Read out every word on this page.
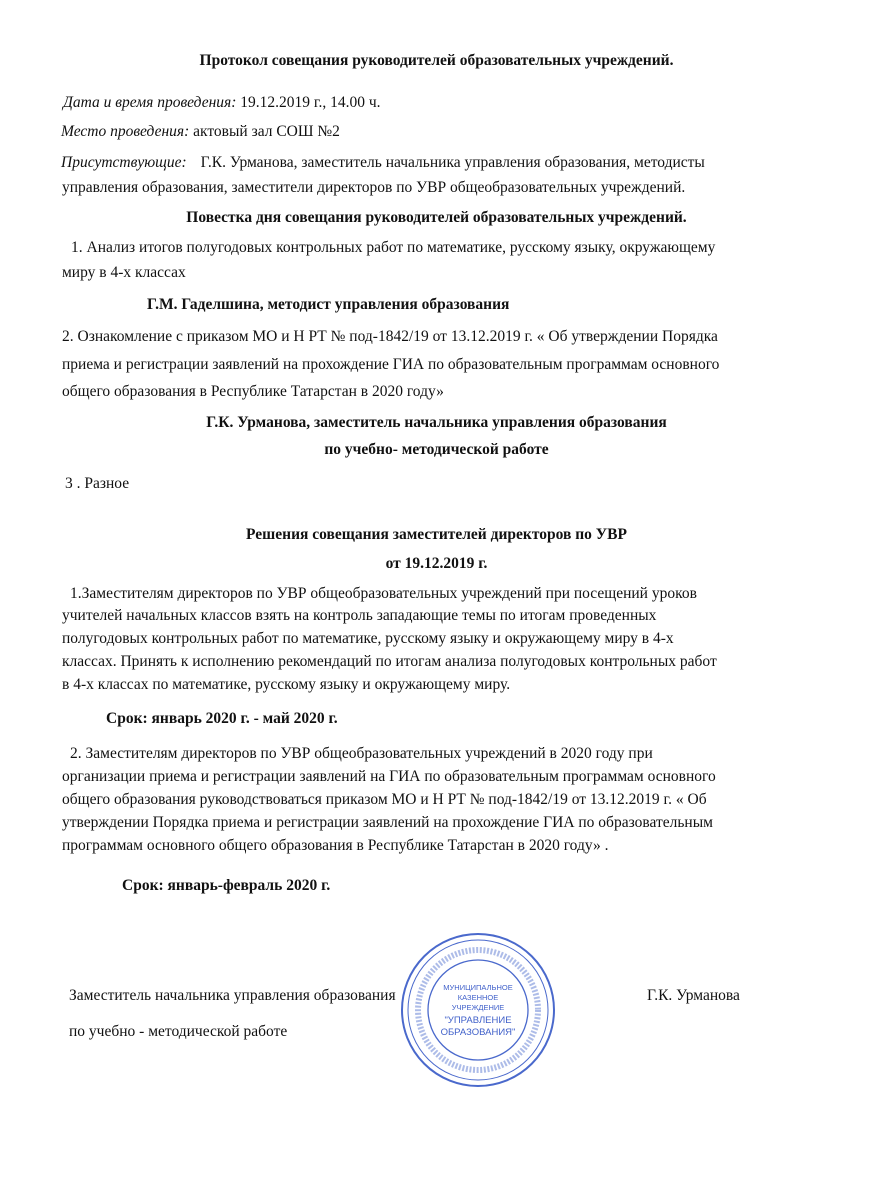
Протокол совещания руководителей образовательных учреждений.
Дата и время проведения: 19.12.2019 г., 14.00 ч.
Место проведения: актовый зал СОШ №2
Присутствующие: Г.К. Урманова, заместитель начальника управления образования, методисты
управления образования, заместители директоров по УВР общеобразовательных учреждений.
Повестка дня совещания руководителей образовательных учреждений.
1. Анализ итогов полугодовых контрольных работ по математике, русскому языку, окружающему
миру в 4-х классах
Г.М. Гаделшина, методист управления образования
2. Ознакомление с приказом МО и Н РТ № под-1842/19 от 13.12.2019 г. « Об утверждении Порядка
приема и регистрации заявлений на прохождение ГИА по образовательным программам основного
общего образования в Республике Татарстан в 2020 году»
Г.К. Урманова, заместитель начальника управления образования
по учебно- методической работе
3 . Разное
Решения совещания заместителей директоров по УВР
от 19.12.2019 г.
1.Заместителям директоров по УВР общеобразовательных учреждений при посещений уроков
учителей начальных классов взять на контроль западающие темы по итогам проведенных
полугодовых контрольных работ по математике, русскому языку и окружающему миру в 4-х
классах. Принять к исполнению рекомендаций по итогам анализа полугодовых контрольных работ
в 4-х классах по математике, русскому языку и окружающему миру.
Срок: январь 2020 г. - май 2020 г.
2. Заместителям директоров по УВР общеобразовательных учреждений в 2020 году при
организации приема и регистрации заявлений на ГИА по образовательным программам основного
общего образования руководствоваться приказом МО и Н РТ № под-1842/19 от 13.12.2019 г. « Об
утверждении Порядка приема и регистрации заявлений на прохождение ГИА по образовательным
программам основного общего образования в Республике Татарстан в 2020 году» .
Срок: январь-февраль 2020 г.
Заместитель начальника управления образования
по учебно - методической работе
Г.К. Урманова
МУНИЦИПАЛЬНОЕ
КАЗЕННОЕ
УЧРЕЖДЕНИЕ
"УПРАВЛЕНИЕ
ОБРАЗОВАНИЯ"
